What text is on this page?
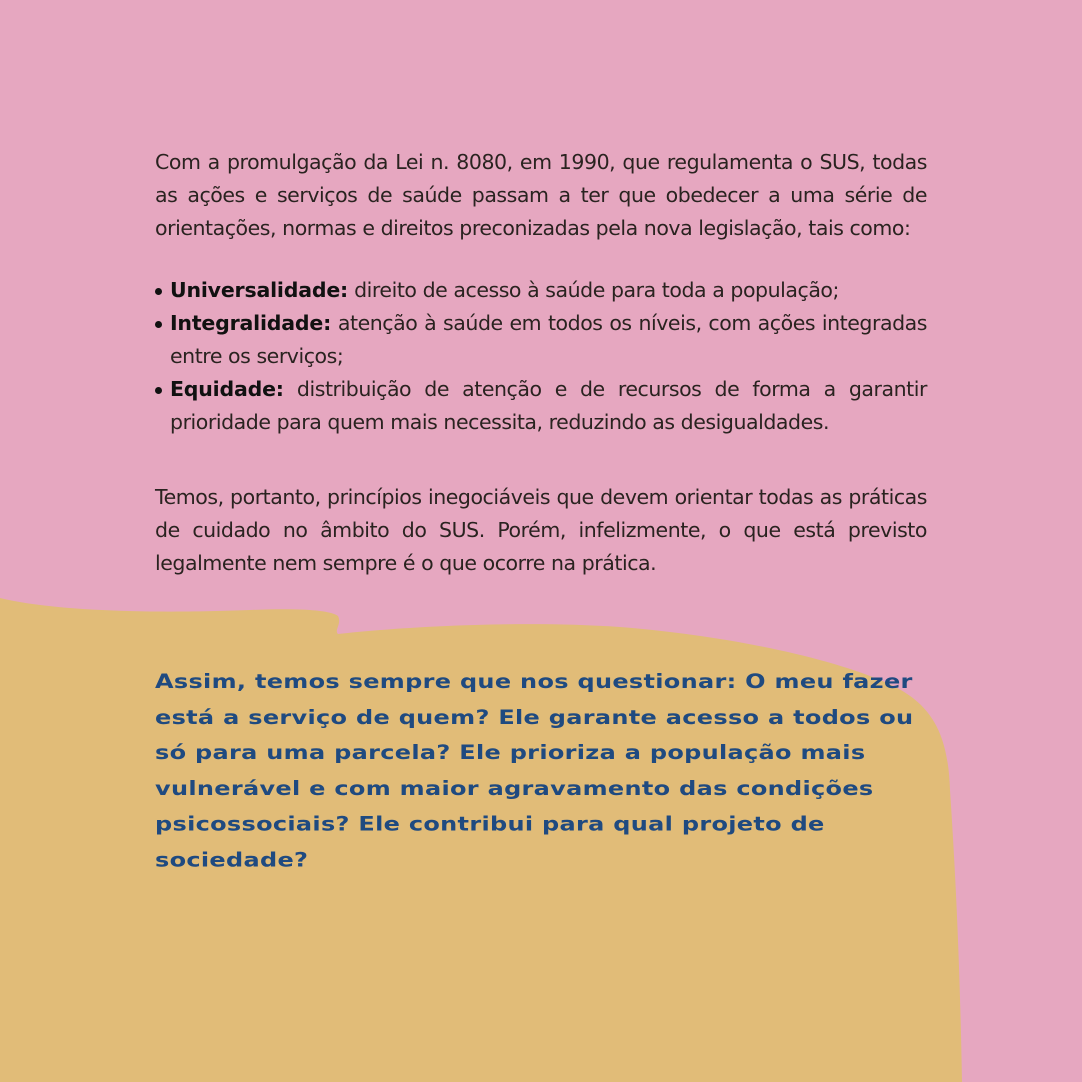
Com a promulgação da Lei n. 8080, em 1990, que regulamenta o SUS, todas as ações e serviços de saúde passam a ter que obedecer a uma série de orientações, normas e direitos preconizadas pela nova legislação, tais como:

Universalidade: direito de acesso à saúde para toda a população;
Integralidade: atenção à saúde em todos os níveis, com ações integradas entre os serviços;
Equidade: distribuição de atenção e de recursos de forma a garantir prioridade para quem mais necessita, reduzindo as desigualdades.

Temos, portanto, princípios inegociáveis que devem orientar todas as práticas de cuidado no âmbito do SUS. Porém, infelizmente, o que está previsto legalmente nem sempre é o que ocorre na prática.

Assim, temos sempre que nos questionar: O meu fazer está a serviço de quem? Ele garante acesso a todos ou só para uma parcela? Ele prioriza a população mais vulnerável e com maior agravamento das condições psicossociais? Ele contribui para qual projeto de sociedade?
